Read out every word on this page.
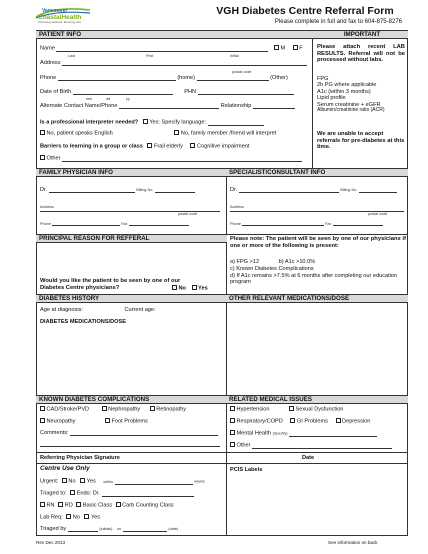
Vancouver
CoastalHealth
Promoting wellness. Ensuring care.
VGH Diabetes Centre Referral Form
Please complete in full and fax to 604-875-8276
PATIENT INFO
Name	M	F
Last	First	initial
Address
postal code
Phone	(home)	(Other)
Date of Birth	PHN
mm	dd	yy
Alternate Contact Name/Phone	Relationship
Is a professional interpreter needed? Yes: Specify language:
No, patient speaks English	No, family member /friend will interpret
Barriers to learning in a group or class Frail elderly	Cognitive impairment
Other
IMPORTANT
Please attach recent LAB RESULTS. Referral will not be processed without labs.
FPG
2h PG where applicable
A1c (within 3 months)
Lipid profile
Serum creatinine + eGFR
Albumin/creatinine ratio (ACR)
We are unable to accept referrals for pre-diabetes at this time.
FAMILY PHYSICIAN INFO	SPECIALIST/CONSULTANT INFO
Dr.	Billing No.
Address
postal code
Phone	Fax
Dr.	Billing No.
Address
postal code
Phone	Fax
PRINCIPAL REASON FOR REFFERAL	Please note: The patient will be seen by one of our physicians if one or more of the following is present:
a) FPG >12	b) A1c >10.0%
c) Known Diabetes Complications
d) If A1c remains >7.5% at 6 months after completing our education program
Would you like the patient to be seen by one of our Diabetes Centre physicians?	No Yes
DIABETES HISTORY	OTHER RELEVANT MEDICATIONS/DOSE
Age at diagnosis:	Current age:
DIABETES MEDICATIONS/DOSE
KNOWN DIABETES COMPLICATIONS	RELATED MEDICAL ISSUES
CAD/Stroke/PVD	Nephropathy	Retinopathy
Neuropathy	Foot Problems
Comments:
Hypertension	Sexual Dysfunction
Respiratory/COPD	GI Problems	Depression
Mental Health (Specify)
Other
Referring Physician Signature	Date
Centre Use Only
Urgent: No Yes within	weeks
Triaged to: Endo: Dr.
RN RD Basic Class Carb Counting Class
Lab Req: No Yes
Triaged by	(initials) on	(date)
PCIS Labels
Rev Dec 2013	See information on back
